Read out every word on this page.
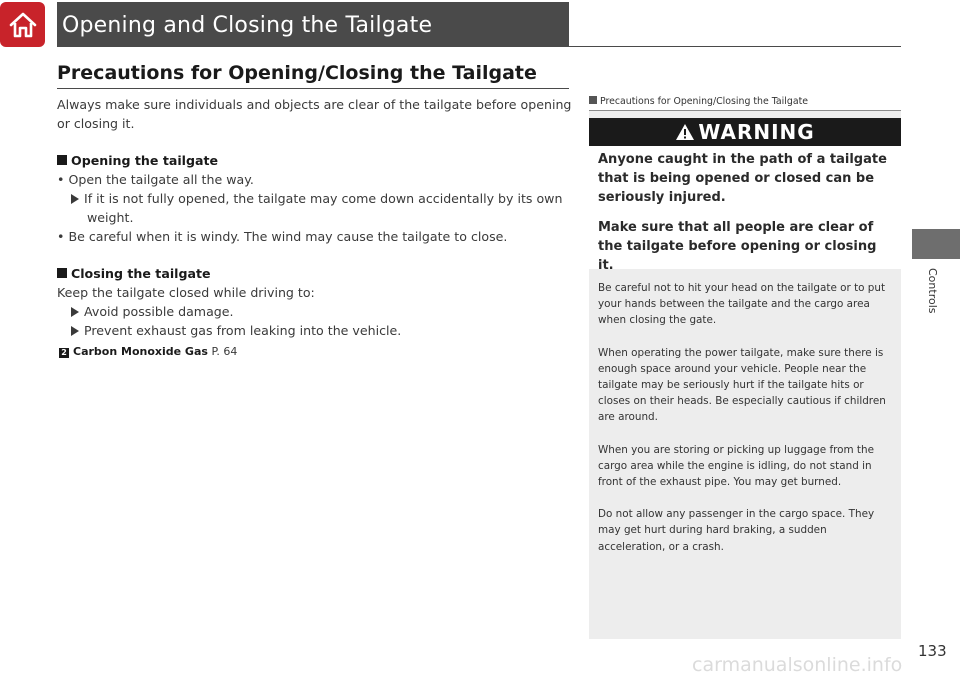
Opening and Closing the Tailgate
Controls
Precautions for Opening/Closing the Tailgate

Always make sure individuals and objects are clear of the tailgate before opening or closing it.

Opening the tailgate

• Open the tailgate all the way.

If it is not fully opened, the tailgate may come down accidentally by its own weight.

• Be careful when it is windy. The wind may cause the tailgate to close.

Closing the tailgate

Keep the tailgate closed while driving to:

Avoid possible damage.

Prevent exhaust gas from leaking into the vehicle.

2 Carbon Monoxide Gas P. 64

Precautions for Opening/Closing the Tailgate
WARNING

Anyone caught in the path of a tailgate that is being opened or closed can be seriously injured.

Make sure that all people are clear of the tailgate before opening or closing it.

Be careful not to hit your head on the tailgate or to put your hands between the tailgate and the cargo area when closing the gate.

When operating the power tailgate, make sure there is enough space around your vehicle. People near the tailgate may be seriously hurt if the tailgate hits or closes on their heads. Be especially cautious if children are around.

When you are storing or picking up luggage from the cargo area while the engine is idling, do not stand in front of the exhaust pipe. You may get burned.

Do not allow any passenger in the cargo space. They may get hurt during hard braking, a sudden acceleration, or a crash.

133
carmanualsonline.info
